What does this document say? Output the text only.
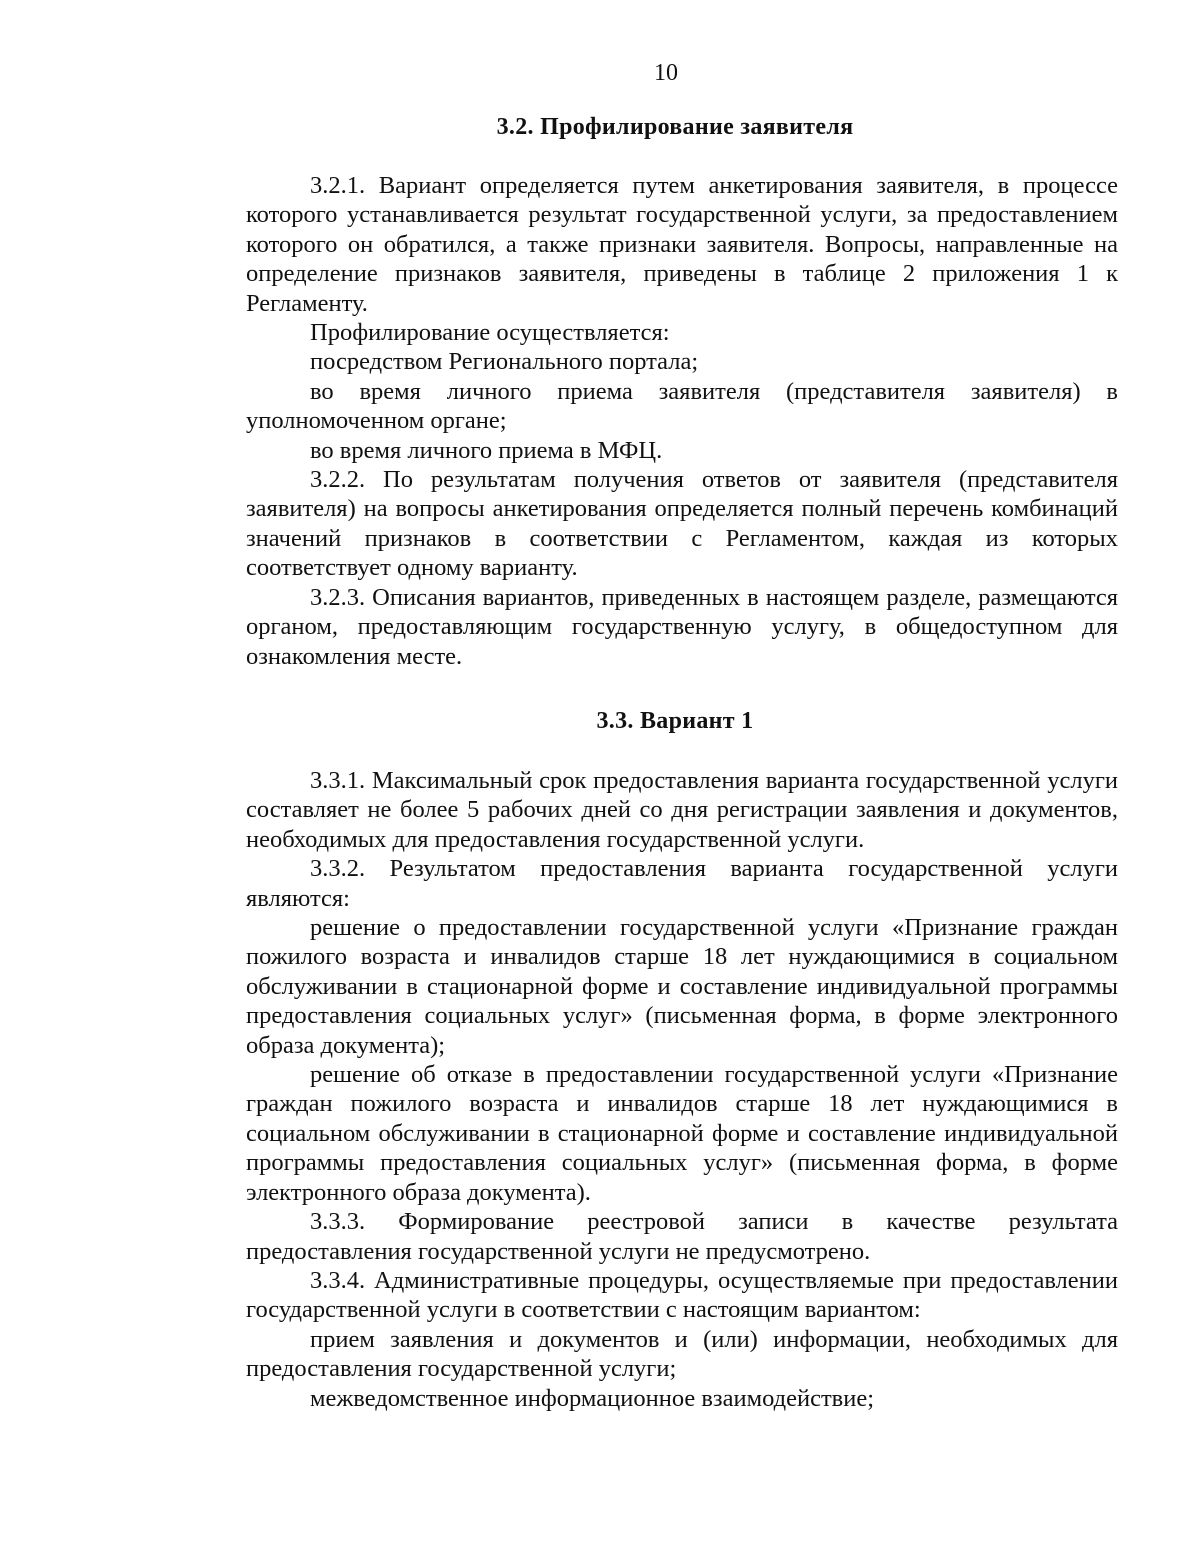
10
3.2. Профилирование заявителя

3.2.1. Вариант определяется путем анкетирования заявителя, в процессе которого устанавливается результат государственной услуги, за предоставлением которого он обратился, а также признаки заявителя. Вопросы, направленные на определение признаков заявителя, приведены в таблице 2 приложения 1 к Регламенту.

Профилирование осуществляется:

посредством Регионального портала;

во время личного приема заявителя (представителя заявителя) в уполномоченном органе;

во время личного приема в МФЦ.

3.2.2. По результатам получения ответов от заявителя (представителя заявителя) на вопросы анкетирования определяется полный перечень комбинаций значений признаков в соответствии с Регламентом, каждая из которых соответствует одному варианту.

3.2.3. Описания вариантов, приведенных в настоящем разделе, размещаются органом, предоставляющим государственную услугу, в общедоступном для ознакомления месте.

3.3. Вариант 1

3.3.1. Максимальный срок предоставления варианта государственной услуги составляет не более 5 рабочих дней со дня регистрации заявления и документов, необходимых для предоставления государственной услуги.

3.3.2. Результатом предоставления варианта государственной услуги являются:

решение о предоставлении государственной услуги «Признание граждан пожилого возраста и инвалидов старше 18 лет нуждающимися в социальном обслуживании в стационарной форме и составление индивидуальной программы предоставления социальных услуг» (письменная форма, в форме электронного образа документа);

решение об отказе в предоставлении государственной услуги «Признание граждан пожилого возраста и инвалидов старше 18 лет нуждающимися в социальном обслуживании в стационарной форме и составление индивидуальной программы предоставления социальных услуг» (письменная форма, в форме электронного образа документа).

3.3.3. Формирование реестровой записи в качестве результата предоставления государственной услуги не предусмотрено.

3.3.4. Административные процедуры, осуществляемые при предоставлении государственной услуги в соответствии с настоящим вариантом:

прием заявления и документов и (или) информации, необходимых для предоставления государственной услуги;

межведомственное информационное взаимодействие;
